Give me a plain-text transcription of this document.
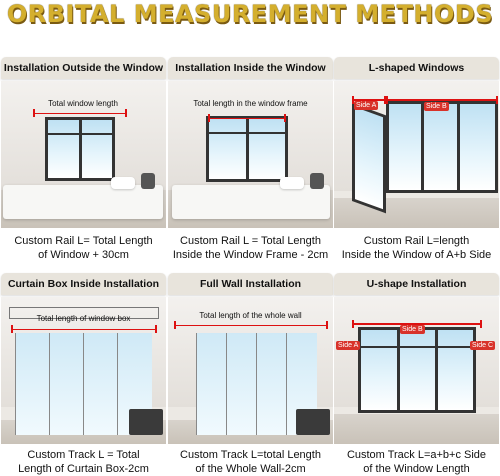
ORBITAL MEASUREMENT METHODS
Installation Outside the Window
Total window length
Custom Rail L= Total Length
of Window + 30cm
Installation Inside the Window
Total length in the window frame
Custom Rail L = Total Length
Inside the Window Frame - 2cm
L-shaped Windows
Side A	Side B
Custom Rail L=length
Inside the Window of A+b Side
Curtain Box Inside Installation
Total length of window box
Custom Track L = Total
Length of Curtain Box-2cm
Full Wall Installation
Total length of the whole wall
Custom Track L=total Length
of the Whole Wall-2cm
U-shape Installation
Side B
Side A	Side C
Custom Track L=a+b+c Side
of the Window Length
